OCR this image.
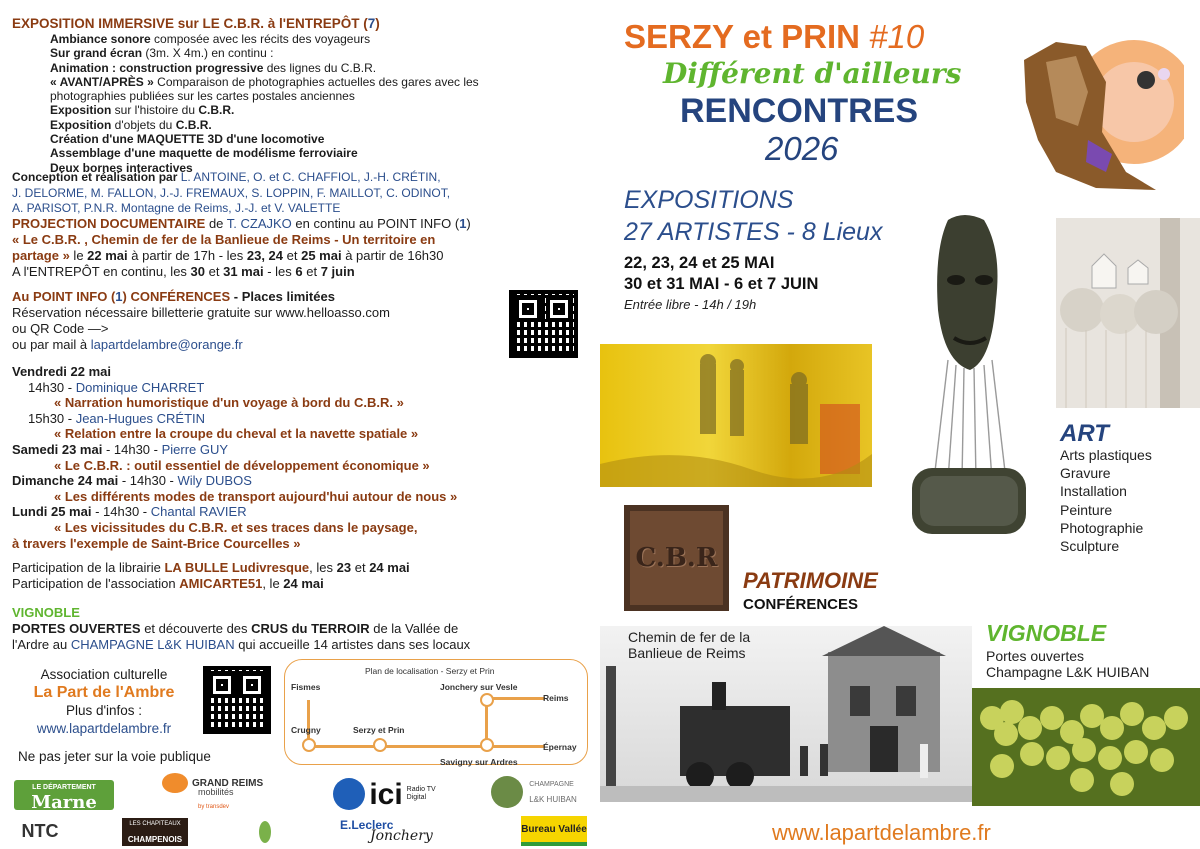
EXPOSITION IMMERSIVE sur LE C.B.R. à l'ENTREPÔT (7)
Ambiance sonore composée avec les récits des voyageurs
Sur grand écran (3m. X 4m.) en continu :
Animation : construction progressive des lignes du C.B.R.
« AVANT/APRÈS » Comparaison de photographies actuelles des gares avec les
photographies publiées sur les cartes postales anciennes
Exposition sur l'histoire du C.B.R.
Exposition d'objets du C.B.R.
Création d'une MAQUETTE 3D d'une locomotive
Assemblage d'une maquette de modélisme ferroviaire
Deux bornes interactives
Conception et réalisation par L. ANTOINE, O. et C. CHAFFIOL, J.-H. CRÉTIN,
J. DELORME, M. FALLON, J.-J. FREMAUX, S. LOPPIN, F. MAILLOT, C. ODINOT,
A. PARISOT, P.N.R. Montagne de Reims, J.-J. et V. VALETTE
PROJECTION DOCUMENTAIRE de T. CZAJKO en continu au POINT INFO (1)
« Le C.B.R. , Chemin de fer de la Banlieue de Reims - Un territoire en
partage » le 22 mai à partir de 17h - les 23, 24 et 25 mai à partir de 16h30
A l'ENTREPÔT en continu, les 30 et 31 mai - les 6 et 7 juin
Au POINT INFO (1) CONFÉRENCES - Places limitées
Réservation nécessaire billetterie gratuite sur www.helloasso.com
ou QR Code —>
ou par mail à lapartdelambre@orange.fr
Vendredi 22 mai
14h30 - Dominique CHARRET
« Narration humoristique d'un voyage à bord du C.B.R. »
15h30 - Jean-Hugues CRÉTIN
« Relation entre la croupe du cheval et la navette spatiale »
Samedi 23 mai - 14h30 - Pierre GUY
« Le C.B.R. : outil essentiel de développement économique »
Dimanche 24 mai - 14h30 - Wily DUBOS
« Les différents modes de transport aujourd'hui autour de nous »
Lundi 25 mai - 14h30 - Chantal RAVIER
« Les vicissitudes du C.B.R. et ses traces dans le paysage,
à travers l'exemple de Saint-Brice Courcelles »
Participation de la librairie LA BULLE Ludivresque, les 23 et 24 mai
Participation de l'association AMICARTE51, le 24 mai
VIGNOBLE
PORTES OUVERTES et découverte des CRUS du TERROIR de la Vallée de
l'Ardre au CHAMPAGNE L&K HUIBAN qui accueille 14 artistes dans ses locaux
Association culturelle
La Part de l'Ambre
Plus d'infos :
www.lapartdelambre.fr
Ne pas jeter sur la voie publique
Plan de localisation - Serzy et Prin
Fismes	Jonchery sur Vesle
Reims
Crugny	Serzy et Prin
Épernay
Savigny sur Ardres
LE DÉPARTEMENT
Marne
GRAND REIMS
mobilités
by transdev	ici Radio TV Digital
CHAMPAGNE
L&K HUIBAN
NTC	LES CHAPITEAUX
CHAMPENOIS
E.Leclerc
Jonchery	Bureau Vallée
SERZY et PRIN #10
Différent d'ailleurs
RENCONTRES
2026
EXPOSITIONS
27 ARTISTES - 8 Lieux
22, 23, 24 et 25 MAI
30 et 31 MAI - 6 et 7 JUIN
Entrée libre - 14h / 19h
ART
Arts plastiques
Gravure
Installation
Peinture
Photographie
Sculpture
C.B.R
PATRIMOINE
CONFÉRENCES
Chemin de fer de la
Banlieue de Reims
VIGNOBLE
Portes ouvertes
Champagne L&K HUIBAN
www.lapartdelambre.fr
